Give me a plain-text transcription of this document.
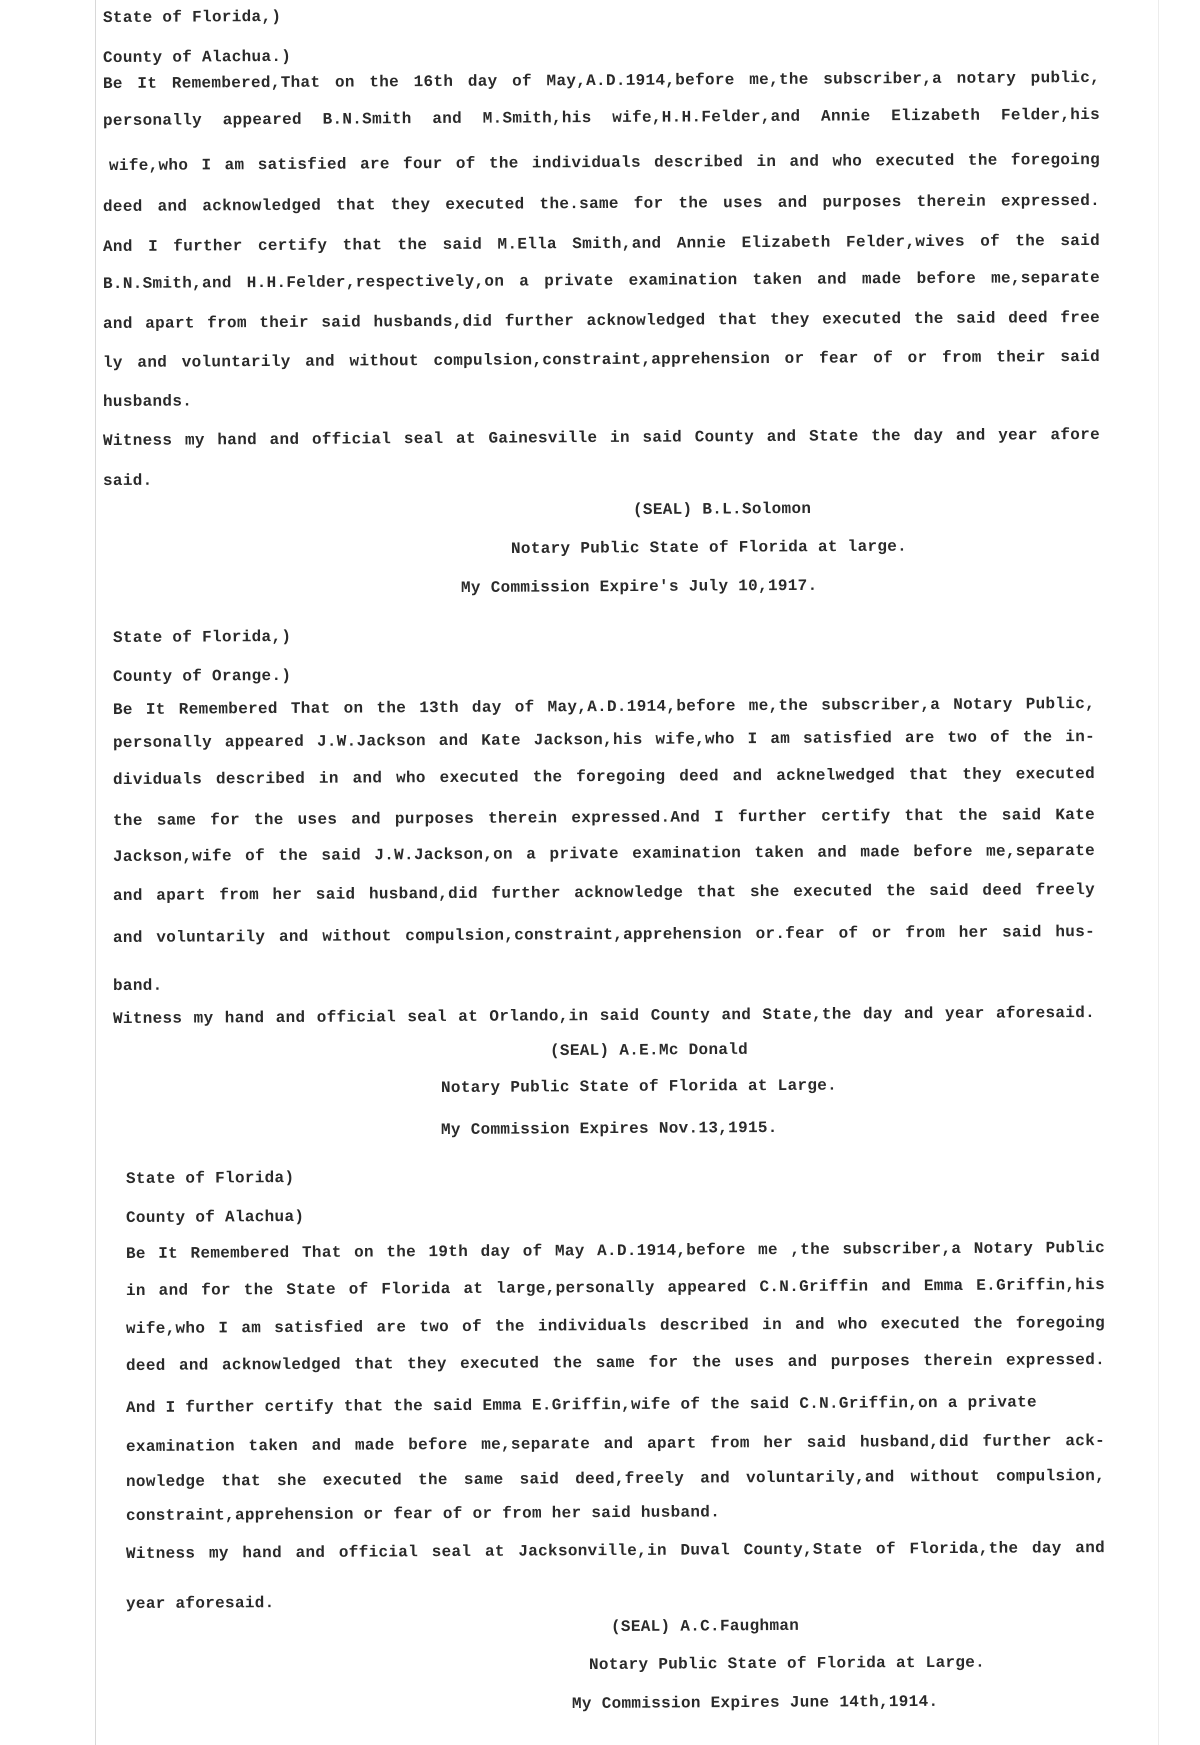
State of Florida,)
County of Alachua.)
Be It Remembered,That on the 16th day of May,A.D.1914,before me,the subscriber,a notary public,
personally appeared B.N.Smith and M.Smith,his wife,H.H.Felder,and Annie Elizabeth Felder,his
wife,who I am satisfied are four of the individuals described in and who executed the foregoing
deed and acknowledged that they executed the.same for the uses and purposes therein expressed.
And I further certify that the said M.Ella Smith,and Annie Elizabeth Felder,wives of the said
B.N.Smith,and H.H.Felder,respectively,on a private examination taken and made before me,separate
and apart from their said husbands,did further acknowledged that they executed the said deed free
ly and voluntarily and without compulsion,constraint,apprehension or fear of or from their said
husbands.
Witness my hand and official seal at Gainesville in said County and State the day and year afore
said.
(SEAL) B.L.Solomon
Notary Public State of Florida at large.
My Commission Expire's July 10,1917.
State of Florida,)
County of Orange.)
Be It Remembered That on the 13th day of May,A.D.1914,before me,the subscriber,a Notary Public,
personally appeared J.W.Jackson and Kate Jackson,his wife,who I am satisfied are two of the in-
dividuals described in and who executed the foregoing deed and acknelwedged that they executed
the same for the uses and purposes therein expressed.And I further certify that the said Kate
Jackson,wife of the said J.W.Jackson,on a private examination taken and made before me,separate
and apart from her said husband,did further acknowledge that she executed the said deed freely
and voluntarily and without compulsion,constraint,apprehension or.fear of or from her said hus-
band.
Witness my hand and official seal at Orlando,in said County and State,the day and year aforesaid.
(SEAL) A.E.Mc Donald
Notary Public State of Florida at Large.
My Commission Expires Nov.13,1915.
State of Florida)
County of Alachua)
Be It Remembered That on the 19th day of May A.D.1914,before me ,the subscriber,a Notary Public
in and for the State of Florida at large,personally appeared C.N.Griffin and Emma E.Griffin,his
wife,who I am satisfied are two of the individuals described in and who executed the foregoing
deed and acknowledged that they executed the same for the uses and purposes therein expressed.
And I further certify that the said Emma E.Griffin,wife of the said C.N.Griffin,on a private
examination taken and made before me,separate and apart from her said husband,did further ack-
nowledge that she executed the same said deed,freely and voluntarily,and without compulsion,
constraint,apprehension or fear of or from her said husband.
Witness my hand and official seal at Jacksonville,in Duval County,State of Florida,the day and
year aforesaid.
(SEAL) A.C.Faughman
Notary Public State of Florida at Large.
My Commission Expires June 14th,1914.
